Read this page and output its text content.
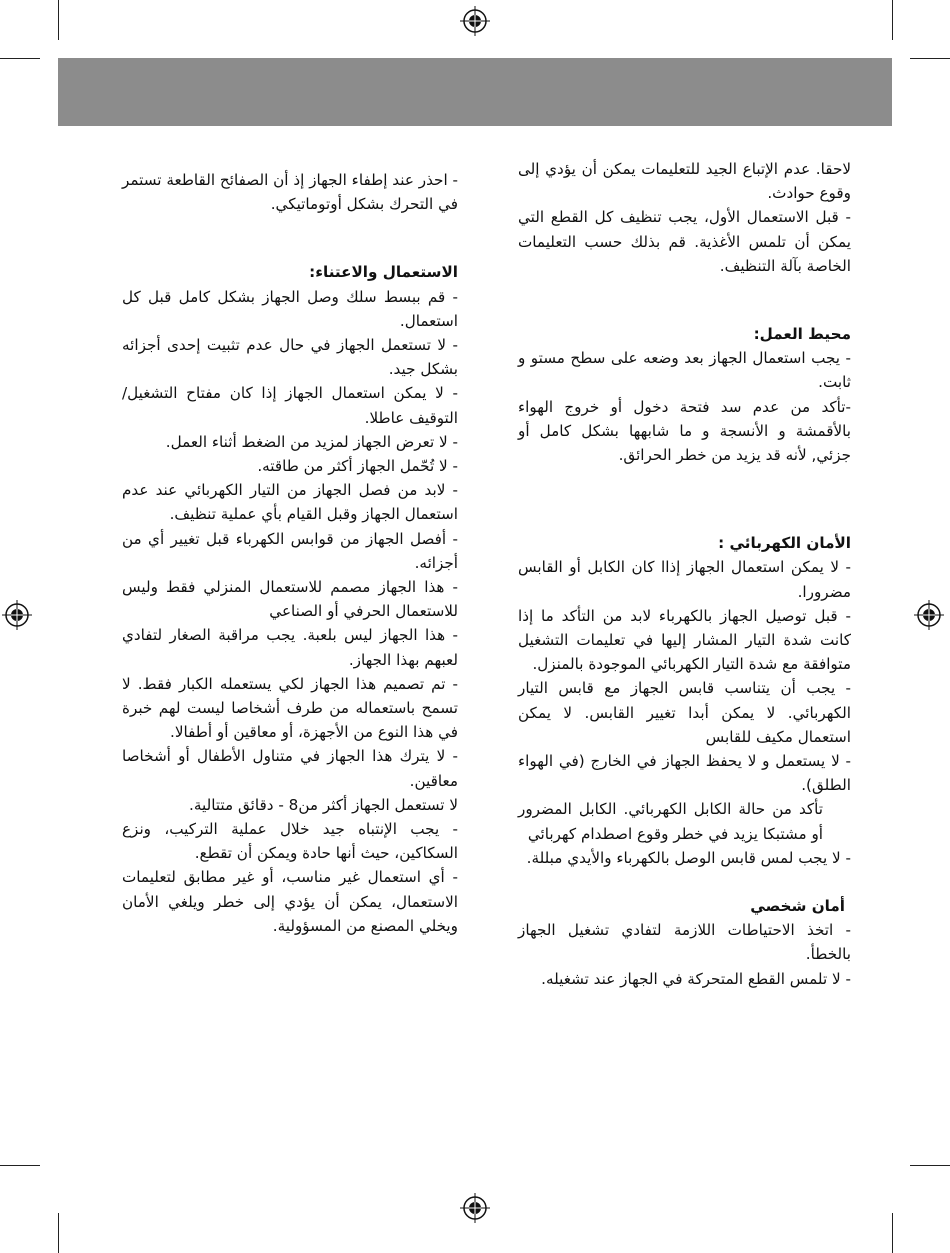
لاحقا. عدم الإتباع الجيد للتعليمات يمكن أن يؤدي إلى وقوع حوادث.

- قبل الاستعمال الأول، يجب تنظيف كل القطع التي يمكن أن تلمس الأغذية. قم بذلك حسب التعليمات الخاصة بآلة التنظيف.

محيط العمل:

- يجب استعمال الجهاز بعد وضعه على سطح مستو و ثابت.

-تأكد من عدم سد فتحة دخول أو خروج الهواء بالأقمشة و الأنسجة و ما شابهها بشكل كامل أو جزئي, لأنه قد يزيد من خطر الحرائق.

الأمان الكهربائي :

- لا يمكن استعمال الجهاز إذاا كان الكابل أو القابس مضرورا.

- قبل توصيل الجهاز بالكهرباء لابد من التأكد ما إذا كانت شدة التيار المشار إليها في تعليمات التشغيل متوافقة مع شدة التيار الكهربائي الموجودة بالمنزل.

- يجب أن يتناسب قابس الجهاز مع قابس التيار الكهربائي. لا يمكن أبدا تغيير القابس. لا يمكن استعمال مكيف للقابس

- لا يستعمل و لا يحفظ الجهاز في الخارج (في الهواء الطلق).

تأكد من حالة الكابل الكهربائي. الكابل المضرور أو مشتبكا يزيد في خطر وقوع اصطدام كهربائي

- لا يجب لمس قابس الوصل بالكهرباء والأيدي مبللة.

أمان شخصي

- اتخذ الاحتياطات اللازمة لتفادي تشغيل الجهاز بالخطأ.

- لا تلمس القطع المتحركة في الجهاز عند تشغيله.

- احذر عند إطفاء الجهاز إذ أن الصفائح القاطعة تستمر في التحرك بشكل أوتوماتيكي.

الاستعمال والاعتناء:

- قم ببسط سلك وصل الجهاز بشكل كامل قبل كل استعمال.

- لا تستعمل الجهاز في حال عدم تثبيت إحدى أجزائه بشكل جيد.

- لا يمكن استعمال الجهاز إذا كان مفتاح التشغيل/ التوقيف عاطلا.

- لا تعرض الجهاز لمزيد من الضغط أثناء العمل.

- لا تُحّمل الجهاز أكثر من طاقته.

- لابد من فصل الجهاز من التيار الكهربائي عند عدم استعمال الجهاز وقبل القيام بأي عملية تنظيف.

- أفصل الجهاز من قوابس الكهرباء قبل تغيير أي من أجزائه.

- هذا الجهاز مصمم للاستعمال المنزلي فقط وليس للاستعمال الحرفي أو الصناعي

- هذا الجهاز ليس بلعبة. يجب مراقبة الصغار لتفادي لعبهم بهذا الجهاز.

- تم تصميم هذا الجهاز لكي يستعمله الكبار فقط. لا تسمح باستعماله من طرف أشخاصا ليست لهم خبرة في هذا النوع من الأجهزة، أو معاقين أو أطفالا.

- لا يترك هذا الجهاز في متناول الأطفال أو أشخاصا معاقين.

لا تستعمل الجهاز أكثر من8 - دقائق متتالية.

- يجب الإنتباه جيد خلال عملية التركيب، ونزع السكاكين، حيث أنها حادة ويمكن أن تقطع.

- أي استعمال غير مناسب، أو غير مطابق لتعليمات الاستعمال، يمكن أن يؤدي إلى خطر ويلغي الأمان ويخلي المصنع من المسؤولية.
